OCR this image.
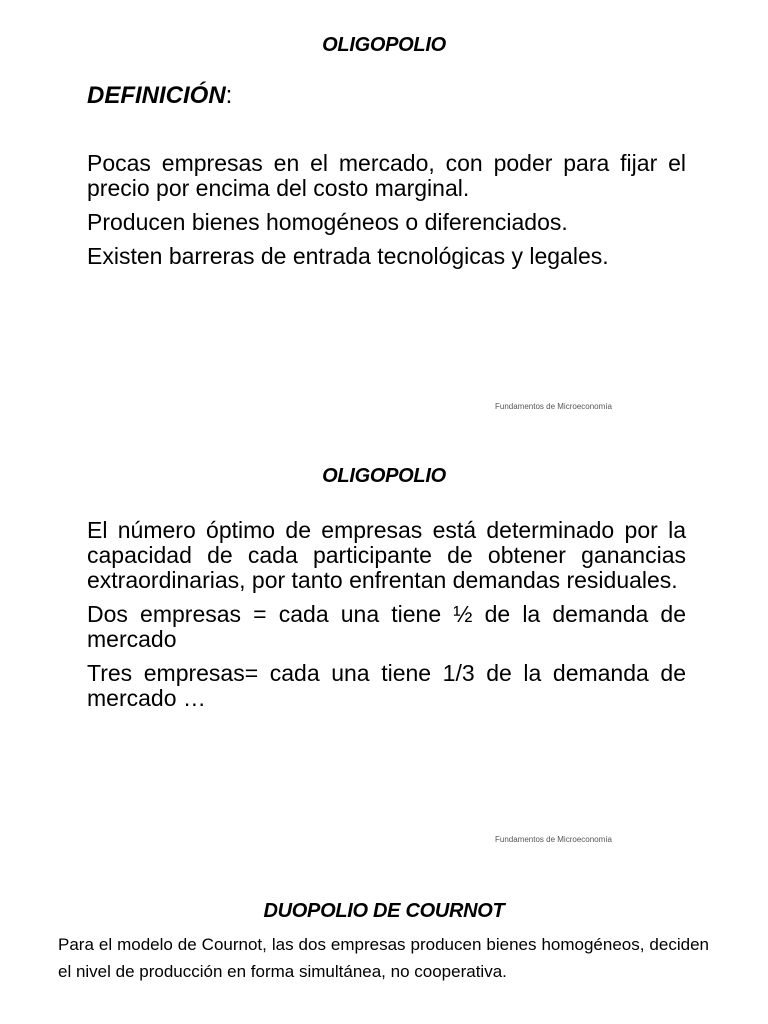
OLIGOPOLIO

DEFINICIÓN:

Pocas empresas en el mercado, con poder para fijar el precio por encima del costo marginal.
Producen bienes homogéneos o diferenciados.
Existen barreras de entrada tecnológicas y legales.

Fundamentos de Microeconomía

OLIGOPOLIO
El número óptimo de empresas está determinado por la capacidad de cada participante de obtener ganancias extraordinarias, por tanto enfrentan demandas residuales.
Dos empresas = cada una tiene ½ de la demanda de mercado
Tres empresas= cada una tiene 1/3 de la demanda de mercado …

Fundamentos de Microeconomía

DUOPOLIO DE COURNOT

Para el modelo de Cournot, las dos empresas producen bienes homogéneos, deciden el nivel de producción en forma simultánea, no cooperativa.
